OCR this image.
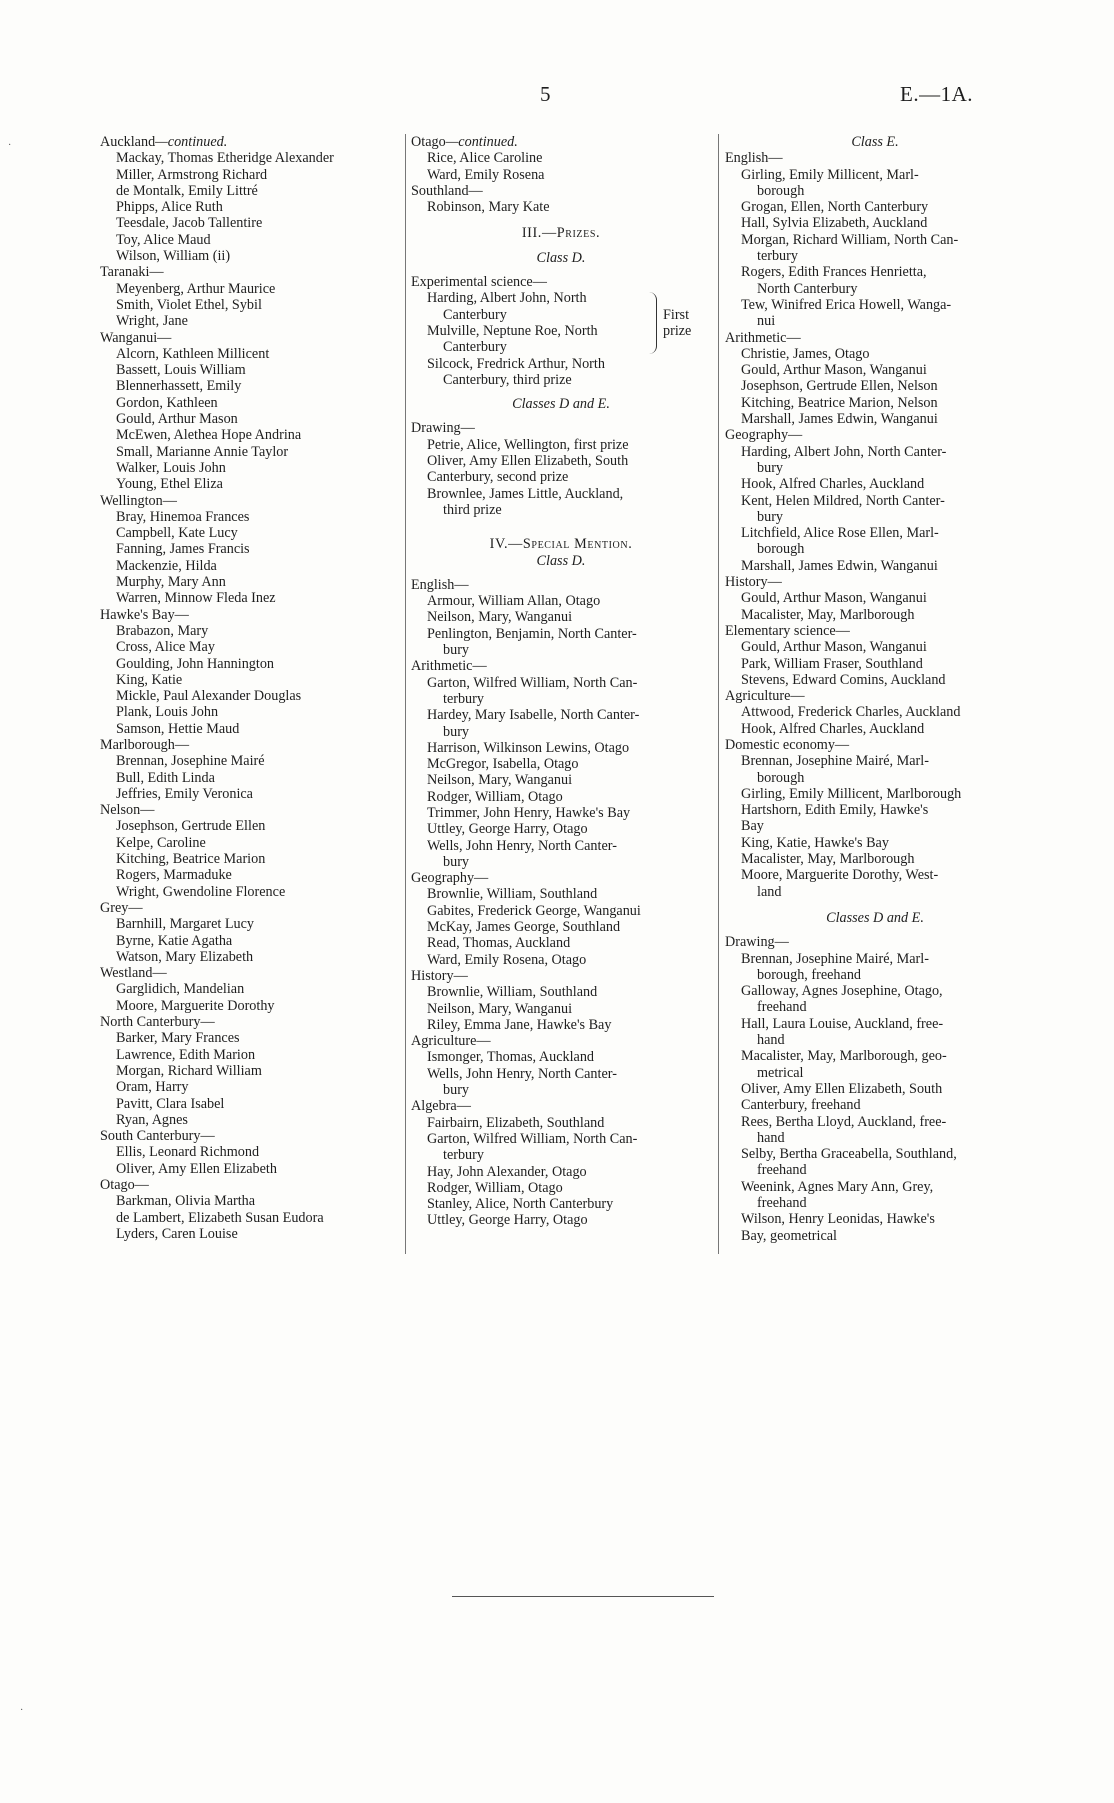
5	E.—1A.
Auckland—continued.
Mackay, Thomas Etheridge Alexander
Miller, Armstrong Richard
de Montalk, Emily Littré
Phipps, Alice Ruth
Teesdale, Jacob Tallentire
Toy, Alice Maud
Wilson, William (ii)
Taranaki—
Meyenberg, Arthur Maurice
Smith, Violet Ethel, Sybil
Wright, Jane
Wanganui—
Alcorn, Kathleen Millicent
Bassett, Louis William
Blennerhassett, Emily
Gordon, Kathleen
Gould, Arthur Mason
McEwen, Alethea Hope Andrina
Small, Marianne Annie Taylor
Walker, Louis John
Young, Ethel Eliza
Wellington—
Bray, Hinemoa Frances
Campbell, Kate Lucy
Fanning, James Francis
Mackenzie, Hilda
Murphy, Mary Ann
Warren, Minnow Fleda Inez
Hawke's Bay—
Brabazon, Mary
Cross, Alice May
Goulding, John Hannington
King, Katie
Mickle, Paul Alexander Douglas
Plank, Louis John
Samson, Hettie Maud
Marlborough—
Brennan, Josephine Mairé
Bull, Edith Linda
Jeffries, Emily Veronica
Nelson—
Josephson, Gertrude Ellen
Kelpe, Caroline
Kitching, Beatrice Marion
Rogers, Marmaduke
Wright, Gwendoline Florence
Grey—
Barnhill, Margaret Lucy
Byrne, Katie Agatha
Watson, Mary Elizabeth
Westland—
Garglidich, Mandelian
Moore, Marguerite Dorothy
North Canterbury—
Barker, Mary Frances
Lawrence, Edith Marion
Morgan, Richard William
Oram, Harry
Pavitt, Clara Isabel
Ryan, Agnes
South Canterbury—
Ellis, Leonard Richmond
Oliver, Amy Ellen Elizabeth
Otago—
Barkman, Olivia Martha
de Lambert, Elizabeth Susan Eudora
Lyders, Caren Louise
Otago—continued.
Rice, Alice Caroline
Ward, Emily Rosena
Southland—
Robinson, Mary Kate
III.—Prizes.
Class D.
Experimental science—
Harding, Albert John, North
Canterbury
Mulville, Neptune Roe, North
Canterbury
First
prize
Silcock, Fredrick Arthur, North
Canterbury, third prize
Classes D and E.
Drawing—
Petrie, Alice, Wellington, first prize
Oliver, Amy Ellen Elizabeth, South
Canterbury, second prize
Brownlee, James Little, Auckland,
third prize
IV.—Special Mention.
Class D.
English—
Armour, William Allan, Otago
Neilson, Mary, Wanganui
Penlington, Benjamin, North Canter-
bury
Arithmetic—
Garton, Wilfred William, North Can-
terbury
Hardey, Mary Isabelle, North Canter-
bury
Harrison, Wilkinson Lewins, Otago
McGregor, Isabella, Otago
Neilson, Mary, Wanganui
Rodger, William, Otago
Trimmer, John Henry, Hawke's Bay
Uttley, George Harry, Otago
Wells, John Henry, North Canter-
bury
Geography—
Brownlie, William, Southland
Gabites, Frederick George, Wanganui
McKay, James George, Southland
Read, Thomas, Auckland
Ward, Emily Rosena, Otago
History—
Brownlie, William, Southland
Neilson, Mary, Wanganui
Riley, Emma Jane, Hawke's Bay
Agriculture—
Ismonger, Thomas, Auckland
Wells, John Henry, North Canter-
bury
Algebra—
Fairbairn, Elizabeth, Southland
Garton, Wilfred William, North Can-
terbury
Hay, John Alexander, Otago
Rodger, William, Otago
Stanley, Alice, North Canterbury
Uttley, George Harry, Otago
Class E.
English—
Girling, Emily Millicent, Marl-
borough
Grogan, Ellen, North Canterbury
Hall, Sylvia Elizabeth, Auckland
Morgan, Richard William, North Can-
terbury
Rogers, Edith Frances Henrietta,
North Canterbury
Tew, Winifred Erica Howell, Wanga-
nui
Arithmetic—
Christie, James, Otago
Gould, Arthur Mason, Wanganui
Josephson, Gertrude Ellen, Nelson
Kitching, Beatrice Marion, Nelson
Marshall, James Edwin, Wanganui
Geography—
Harding, Albert John, North Canter-
bury
Hook, Alfred Charles, Auckland
Kent, Helen Mildred, North Canter-
bury
Litchfield, Alice Rose Ellen, Marl-
borough
Marshall, James Edwin, Wanganui
History—
Gould, Arthur Mason, Wanganui
Macalister, May, Marlborough
Elementary science—
Gould, Arthur Mason, Wanganui
Park, William Fraser, Southland
Stevens, Edward Comins, Auckland
Agriculture—
Attwood, Frederick Charles, Auckland
Hook, Alfred Charles, Auckland
Domestic economy—
Brennan, Josephine Mairé, Marl-
borough
Girling, Emily Millicent, Marlborough
Hartshorn, Edith Emily, Hawke's
Bay
King, Katie, Hawke's Bay
Macalister, May, Marlborough
Moore, Marguerite Dorothy, West-
land
Classes D and E.
Drawing—
Brennan, Josephine Mairé, Marl-
borough, freehand
Galloway, Agnes Josephine, Otago,
freehand
Hall, Laura Louise, Auckland, free-
hand
Macalister, May, Marlborough, geo-
metrical
Oliver, Amy Ellen Elizabeth, South
Canterbury, freehand
Rees, Bertha Lloyd, Auckland, free-
hand
Selby, Bertha Graceabella, Southland,
freehand
Weenink, Agnes Mary Ann, Grey,
freehand
Wilson, Henry Leonidas, Hawke's
Bay, geometrical
·
·
